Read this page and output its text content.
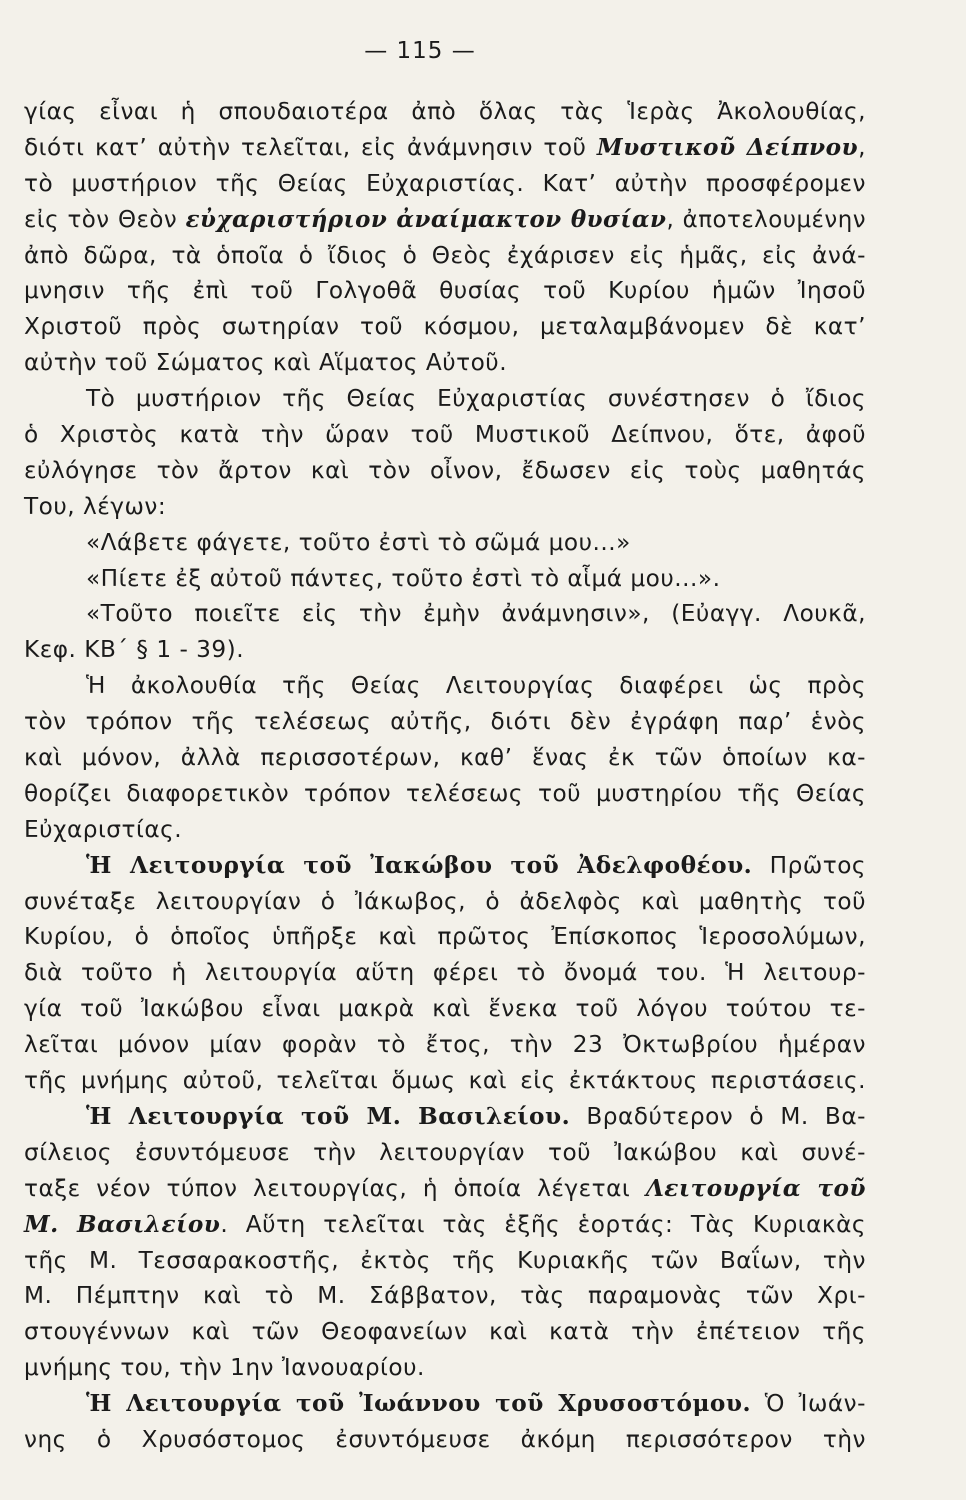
— 115 —
γίας εἶναι ἡ σπουδαιοτέρα ἀπὸ ὅλας τὰς Ἱερὰς Ἀκολουθίας,
διότι κατ’ αὐτὴν τελεῖται, εἰς ἀνάμνησιν τοῦ Μυστικοῦ Δείπνου,
τὸ μυστήριον τῆς Θείας Εὐχαριστίας. Κατ’ αὐτὴν προσφέρομεν
εἰς τὸν Θεὸν εὐχαριστήριον ἀναίμακτον θυσίαν, ἀποτελουμένην
ἀπὸ δῶρα, τὰ ὁποῖα ὁ ἴδιος ὁ Θεὸς ἐχάρισεν εἰς ἡμᾶς, εἰς ἀνά-
μνησιν τῆς ἐπὶ τοῦ Γολγοθᾶ θυσίας τοῦ Κυρίου ἡμῶν Ἰησοῦ
Χριστοῦ πρὸς σωτηρίαν τοῦ κόσμου, μεταλαμβάνομεν δὲ κατ’
αὐτὴν τοῦ Σώματος καὶ Αἵματος Αὐτοῦ.
Τὸ μυστήριον τῆς Θείας Εὐχαριστίας συνέστησεν ὁ ἴδιος
ὁ Χριστὸς κατὰ τὴν ὥραν τοῦ Μυστικοῦ Δείπνου, ὅτε, ἀφοῦ
εὐλόγησε τὸν ἄρτον καὶ τὸν οἶνον, ἔδωσεν εἰς τοὺς μαθητάς
Του, λέγων:
«Λάβετε φάγετε, τοῦτο ἐστὶ τὸ σῶμά μου...»
«Πίετε ἐξ αὐτοῦ πάντες, τοῦτο ἐστὶ τὸ αἷμά μου...».
«Τοῦτο ποιεῖτε εἰς τὴν ἐμὴν ἀνάμνησιν», (Εὐαγγ. Λουκᾶ,
Κεφ. ΚΒ΄ § 1 - 39).
Ἡ ἀκολουθία τῆς Θείας Λειτουργίας διαφέρει ὡς πρὸς
τὸν τρόπον τῆς τελέσεως αὐτῆς, διότι δὲν ἐγράφη παρ’ ἑνὸς
καὶ μόνον, ἀλλὰ περισσοτέρων, καθ’ ἕνας ἐκ τῶν ὁποίων κα-
θορίζει διαφορετικὸν τρόπον τελέσεως τοῦ μυστηρίου τῆς Θείας
Εὐχαριστίας.
Ἡ Λειτουργία τοῦ Ἰακώβου τοῦ Ἀδελφοθέου. Πρῶτος
συνέταξε λειτουργίαν ὁ Ἰάκωβος, ὁ ἀδελφὸς καὶ μαθητὴς τοῦ
Κυρίου, ὁ ὁποῖος ὑπῆρξε καὶ πρῶτος Ἐπίσκοπος Ἱεροσολύμων,
διὰ τοῦτο ἡ λειτουργία αὕτη φέρει τὸ ὄνομά του. Ἡ λειτουρ-
γία τοῦ Ἰακώβου εἶναι μακρὰ καὶ ἕνεκα τοῦ λόγου τούτου τε-
λεῖται μόνον μίαν φορὰν τὸ ἔτος, τὴν 23 Ὀκτωβρίου ἡμέραν
τῆς μνήμης αὐτοῦ, τελεῖται ὅμως καὶ εἰς ἐκτάκτους περιστάσεις.
Ἡ Λειτουργία τοῦ Μ. Βασιλείου. Βραδύτερον ὁ Μ. Βα-
σίλειος ἐσυντόμευσε τὴν λειτουργίαν τοῦ Ἰακώβου καὶ συνέ-
ταξε νέον τύπον λειτουργίας, ἡ ὁποία λέγεται Λειτουργία τοῦ
Μ. Βασιλείου. Αὕτη τελεῖται τὰς ἑξῆς ἑορτάς: Τὰς Κυριακὰς
τῆς Μ. Τεσσαρακοστῆς, ἐκτὸς τῆς Κυριακῆς τῶν Βαΐων, τὴν
Μ. Πέμπτην καὶ τὸ Μ. Σάββατον, τὰς παραμονὰς τῶν Χρι-
στουγέννων καὶ τῶν Θεοφανείων καὶ κατὰ τὴν ἐπέτειον τῆς
μνήμης του, τὴν 1ην Ἰανουαρίου.
Ἡ Λειτουργία τοῦ Ἰωάννου τοῦ Χρυσοστόμου. Ὁ Ἰωάν-
νης ὁ Χρυσόστομος ἐσυντόμευσε ἀκόμη περισσότερον τὴν
